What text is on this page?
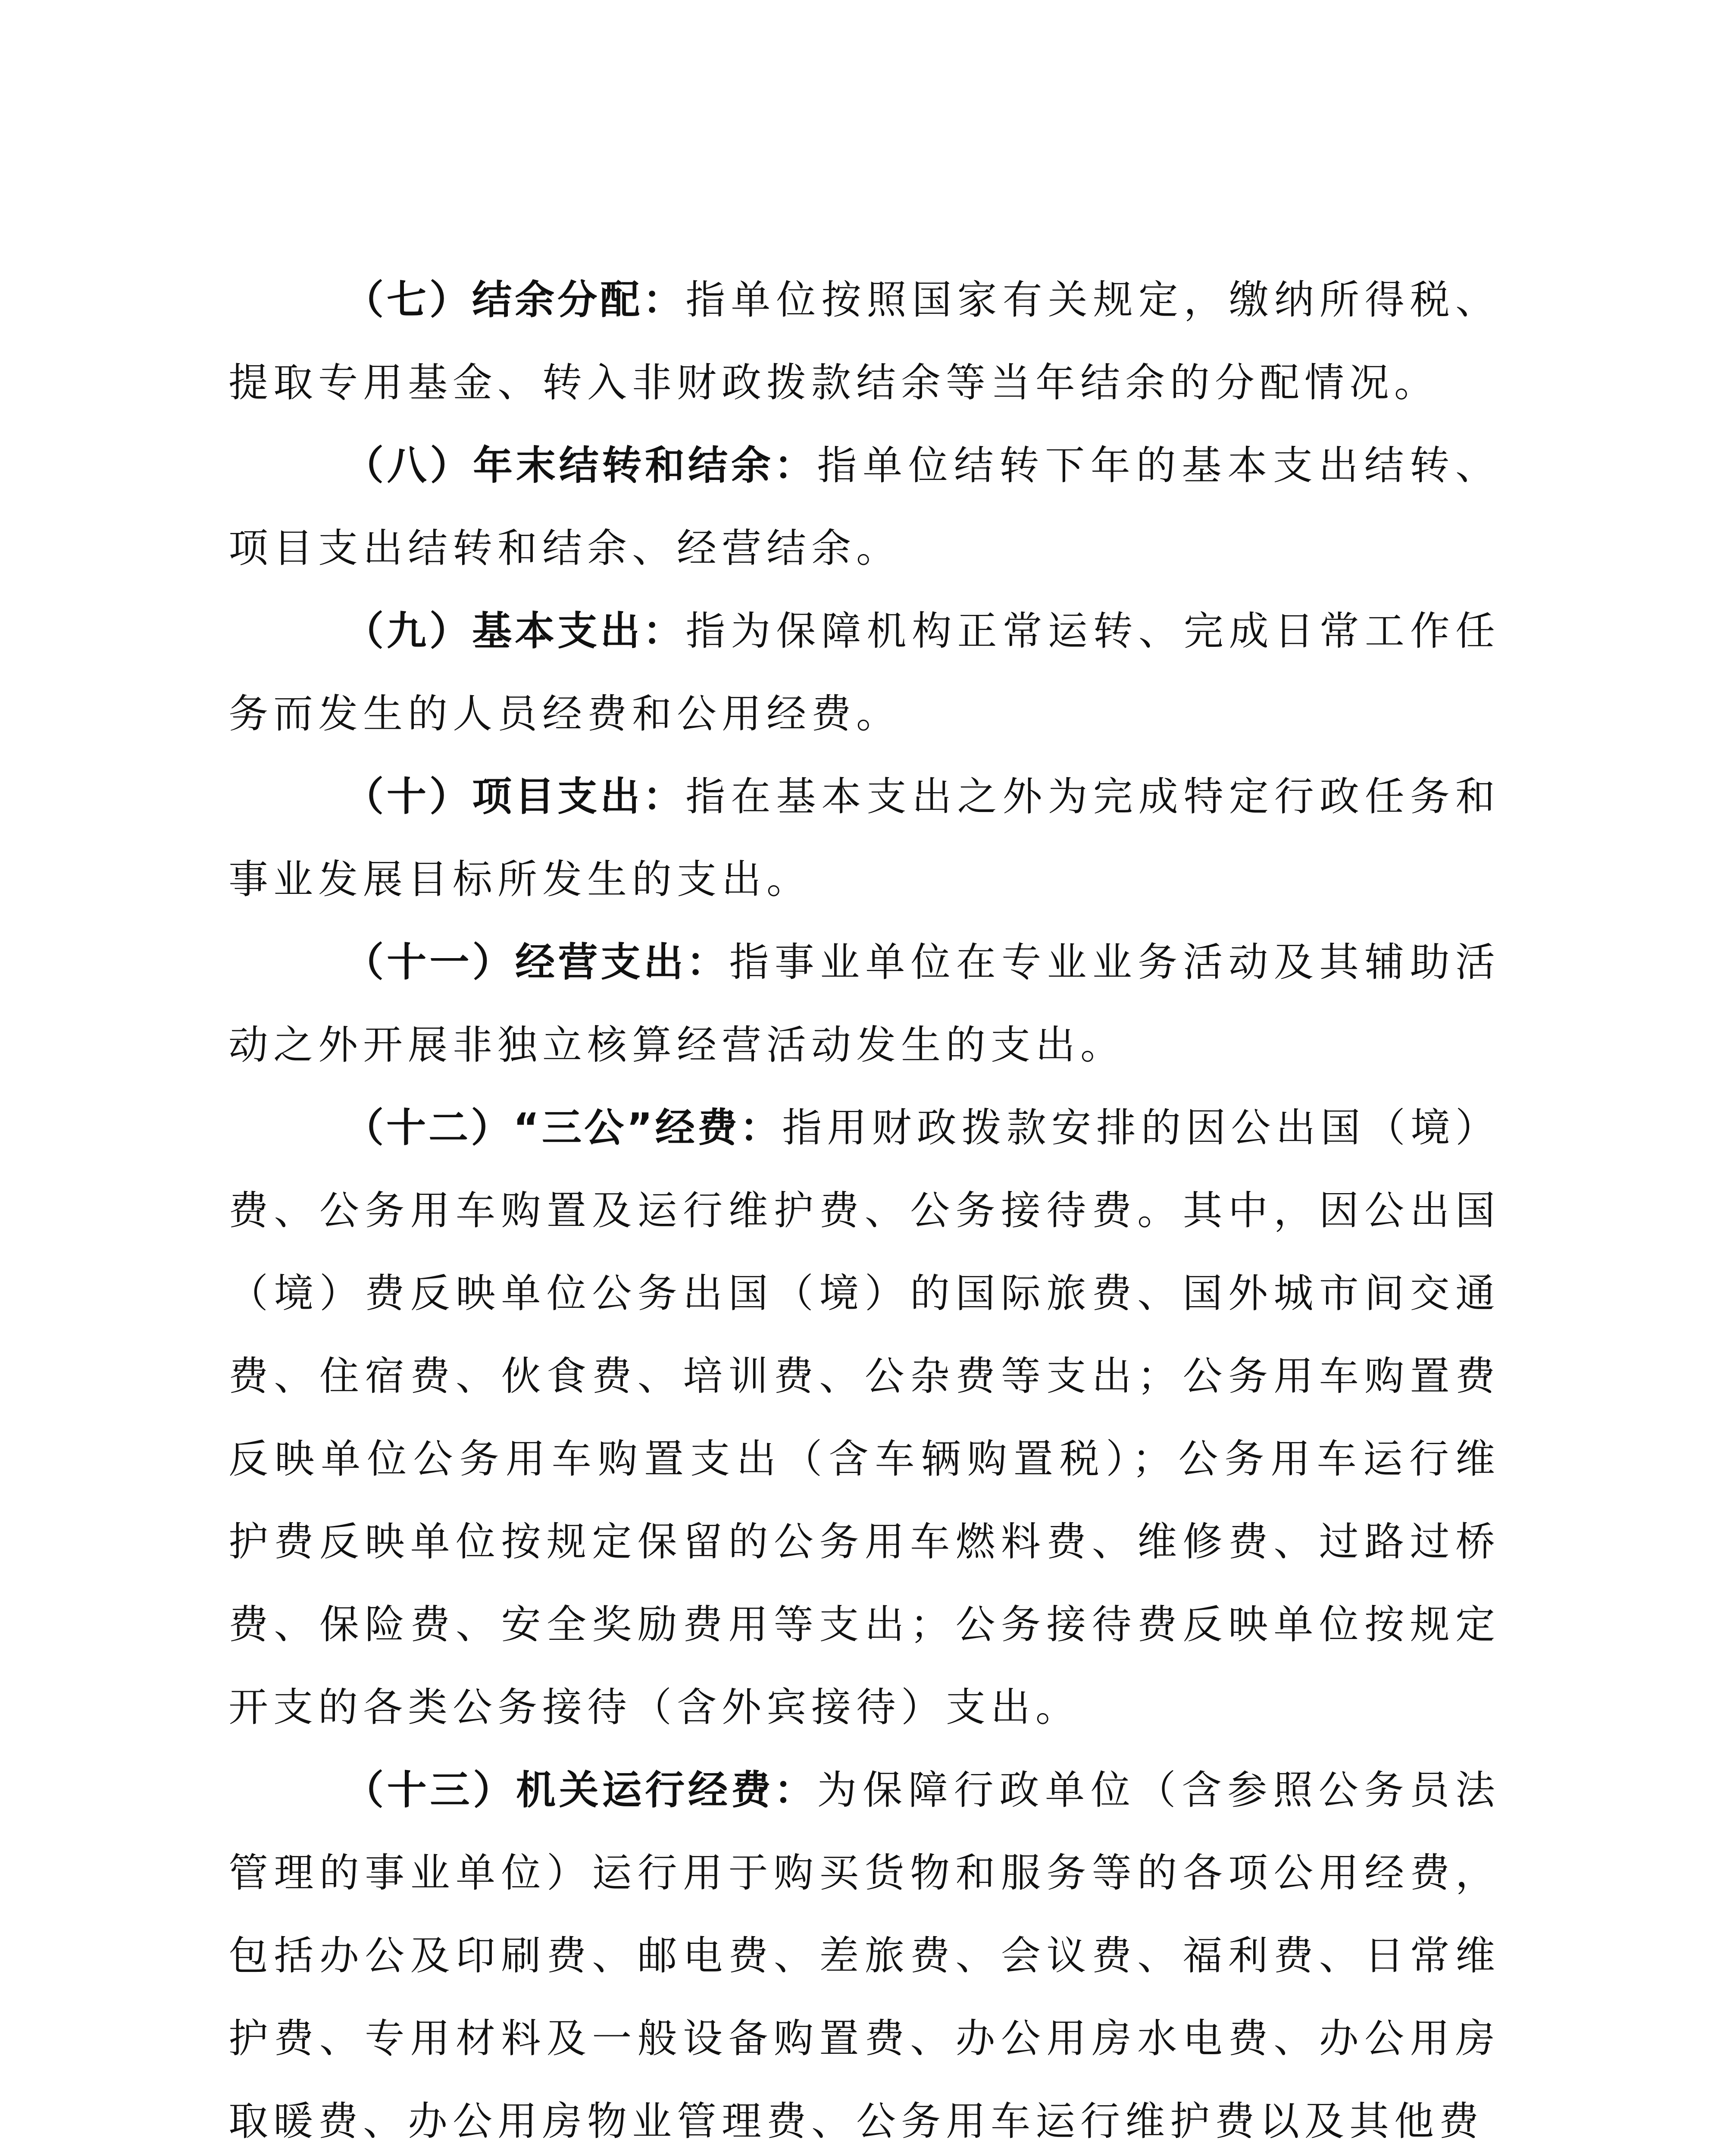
（七）结余分配：指单位按照国家有关规定，缴纳所得税、提取专用基金、转入非财政拨款结余等当年结余的分配情况。

（八）年末结转和结余：指单位结转下年的基本支出结转、项目支出结转和结余、经营结余。

（九）基本支出：指为保障机构正常运转、完成日常工作任务而发生的人员经费和公用经费。

（十）项目支出：指在基本支出之外为完成特定行政任务和事业发展目标所发生的支出。

（十一）经营支出：指事业单位在专业业务活动及其辅助活动之外开展非独立核算经营活动发生的支出。

（十二）“三公”经费：指用财政拨款安排的因公出国（境）费、公务用车购置及运行维护费、公务接待费。其中，因公出国（境）费反映单位公务出国（境）的国际旅费、国外城市间交通费、住宿费、伙食费、培训费、公杂费等支出；公务用车购置费反映单位公务用车购置支出（含车辆购置税）；公务用车运行维护费反映单位按规定保留的公务用车燃料费、维修费、过路过桥费、保险费、安全奖励费用等支出；公务接待费反映单位按规定开支的各类公务接待（含外宾接待）支出。

（十三）机关运行经费：为保障行政单位（含参照公务员法管理的事业单位）运行用于购买货物和服务等的各项公用经费，包括办公及印刷费、邮电费、差旅费、会议费、福利费、日常维护费、专用材料及一般设备购置费、办公用房水电费、办公用房取暖费、办公用房物业管理费、公务用车运行维护费以及其他费
